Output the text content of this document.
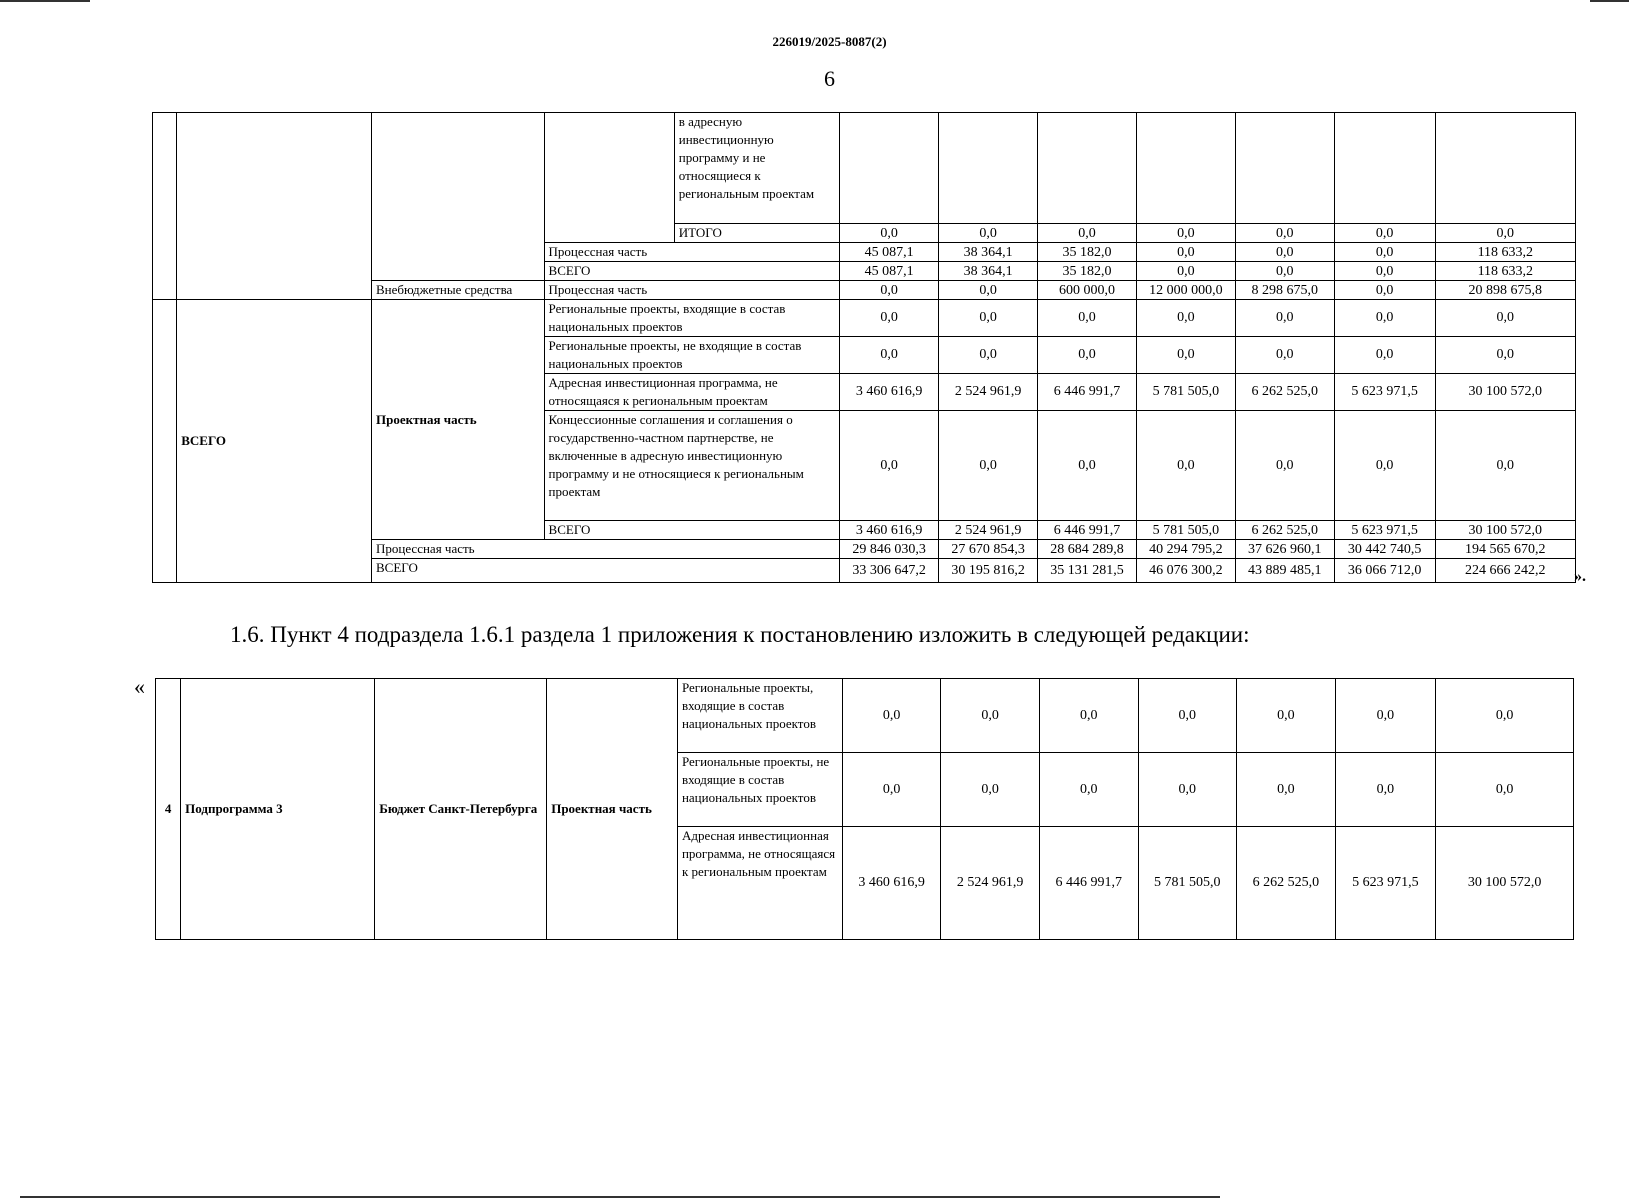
226019/2025-8087(2)
6
				в адресную инвестиционную программу и не относящиеся к региональным проектам							
				ИТОГО	0,0	0,0	0,0	0,0	0,0	0,0	0,0
			Процессная часть		45 087,1	38 364,1	35 182,0	0,0	0,0	0,0	118 633,2
			ВСЕГО		45 087,1	38 364,1	35 182,0	0,0	0,0	0,0	118 633,2
		Внебюджетные средства	Процессная часть		0,0	0,0	600 000,0	12 000 000,0	8 298 675,0	0,0	20 898 675,8
	ВСЕГО	Проектная часть	Региональные проекты, входящие в состав национальных проектов		0,0	0,0	0,0	0,0	0,0	0,0	0,0
			Региональные проекты, не входящие в состав национальных проектов		0,0	0,0	0,0	0,0	0,0	0,0	0,0
			Адресная инвестиционная программа, не относящаяся к региональным проектам		3 460 616,9	2 524 961,9	6 446 991,7	5 781 505,0	6 262 525,0	5 623 971,5	30 100 572,0
			Концессионные соглашения и соглашения о государственно-частном партнерстве, не включенные в адресную инвестиционную программу и не относящиеся к региональным проектам		0,0	0,0	0,0	0,0	0,0	0,0	0,0
			ВСЕГО		3 460 616,9	2 524 961,9	6 446 991,7	5 781 505,0	6 262 525,0	5 623 971,5	30 100 572,0
		Процессная часть			29 846 030,3	27 670 854,3	28 684 289,8	40 294 795,2	37 626 960,1	30 442 740,5	194 565 670,2
		ВСЕГО			33 306 647,2	30 195 816,2	35 131 281,5	46 076 300,2	43 889 485,1	36 066 712,0	224 666 242,2 ».
1.6. Пункт 4 подраздела 1.6.1 раздела 1 приложения к постановлению изложить в следующей редакции:
«
4	Подпрограмма 3	Бюджет Санкт-Петербурга	Проектная часть	Региональные проекты, входящие в состав национальных проектов	0,0	0,0	0,0	0,0	0,0	0,0	0,0
				Региональные проекты, не входящие в состав национальных проектов	0,0	0,0	0,0	0,0	0,0	0,0	0,0
				Адресная инвестиционная программа, не относящаяся к региональным проектам	3 460 616,9	2 524 961,9	6 446 991,7	5 781 505,0	6 262 525,0	5 623 971,5	30 100 572,0
